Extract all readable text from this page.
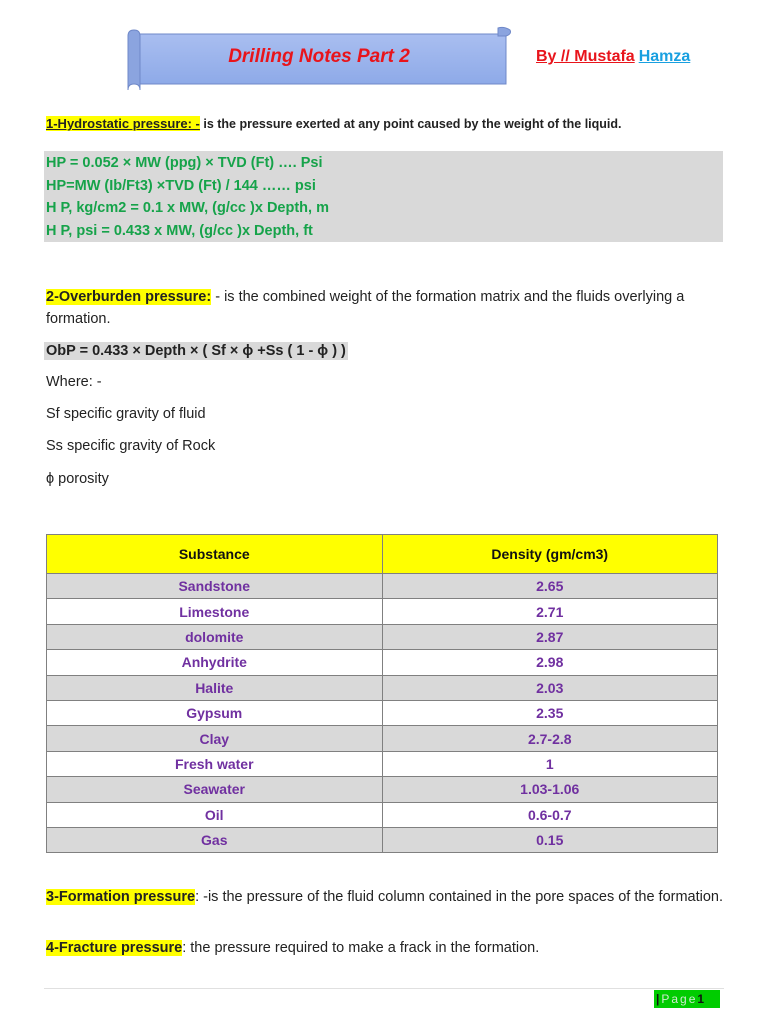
Drilling Notes Part 2	By // Mustafa Hamza
1-Hydrostatic pressure: - is the pressure exerted at any point caused by the weight of the liquid.
HP = 0.052 × MW (ppg) × TVD (Ft) …. Psi
HP=MW (Ib/Ft3) ×TVD (Ft) / 144 …… psi
H P, kg/cm2 = 0.1 x MW, (g/cc )x Depth, m
H P, psi = 0.433 x MW, (g/cc )x Depth, ft
2-Overburden pressure: - is the combined weight of the formation matrix and the fluids overlying a formation.
ObP = 0.433 × Depth × ( Sf × ϕ +Ss ( 1 - ϕ ) )
Where: -
Sf specific gravity of fluid
Ss specific gravity of Rock
ϕ porosity
Substance	Density (gm/cm3)
Sandstone	2.65
Limestone	2.71
dolomite	2.87
Anhydrite	2.98
Halite	2.03
Gypsum	2.35
Clay	2.7-2.8
Fresh water	1
Seawater	1.03-1.06
Oil	0.6-0.7
Gas	0.15
3-Formation pressure: -is the pressure of the fluid column contained in the pore spaces of the formation.
4-Fracture pressure: the pressure required to make a frack in the formation.
| Page1
